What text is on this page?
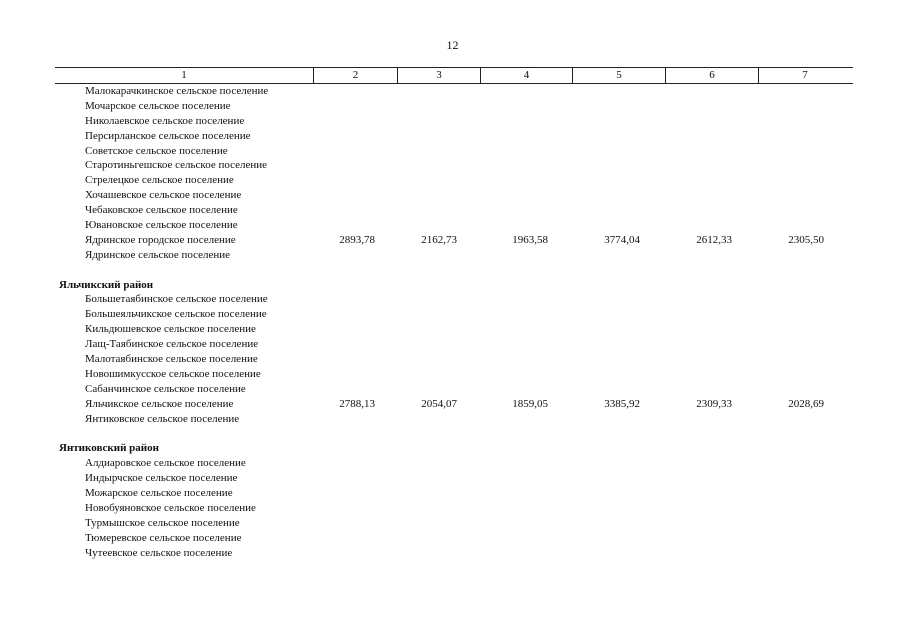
12
1	2	3	4	5	6	7
Малокарачкинское сельское поселение
Мочарское сельское поселение
Николаевское сельское поселение
Персирланское сельское поселение
Советское сельское поселение
Старотиньгешское сельское поселение
Стрелецкое сельское поселение
Хочашевское сельское поселение
Чебаковское сельское поселение
Ювановское сельское поселение
Ядринское городское поселение	2893,78	2162,73	1963,58	3774,04	2612,33	2305,50
Ядринское сельское поселение
Яльчикский район
Большетаябинское сельское поселение
Большеяльчикское сельское поселение
Кильдюшевское сельское поселение
Лащ-Таябинское сельское поселение
Малотаябинское сельское поселение
Новошимкусское сельское поселение
Сабанчинское сельское поселение
Яльчикское сельское поселение	2788,13	2054,07	1859,05	3385,92	2309,33	2028,69
Янтиковское сельское поселение
Янтиковский район
Алдиаровское сельское поселение
Индырчское сельское поселение
Можарское сельское поселение
Новобуяновское сельское поселение
Турмышское сельское поселение
Тюмеревское сельское поселение
Чутеевское сельское поселение
